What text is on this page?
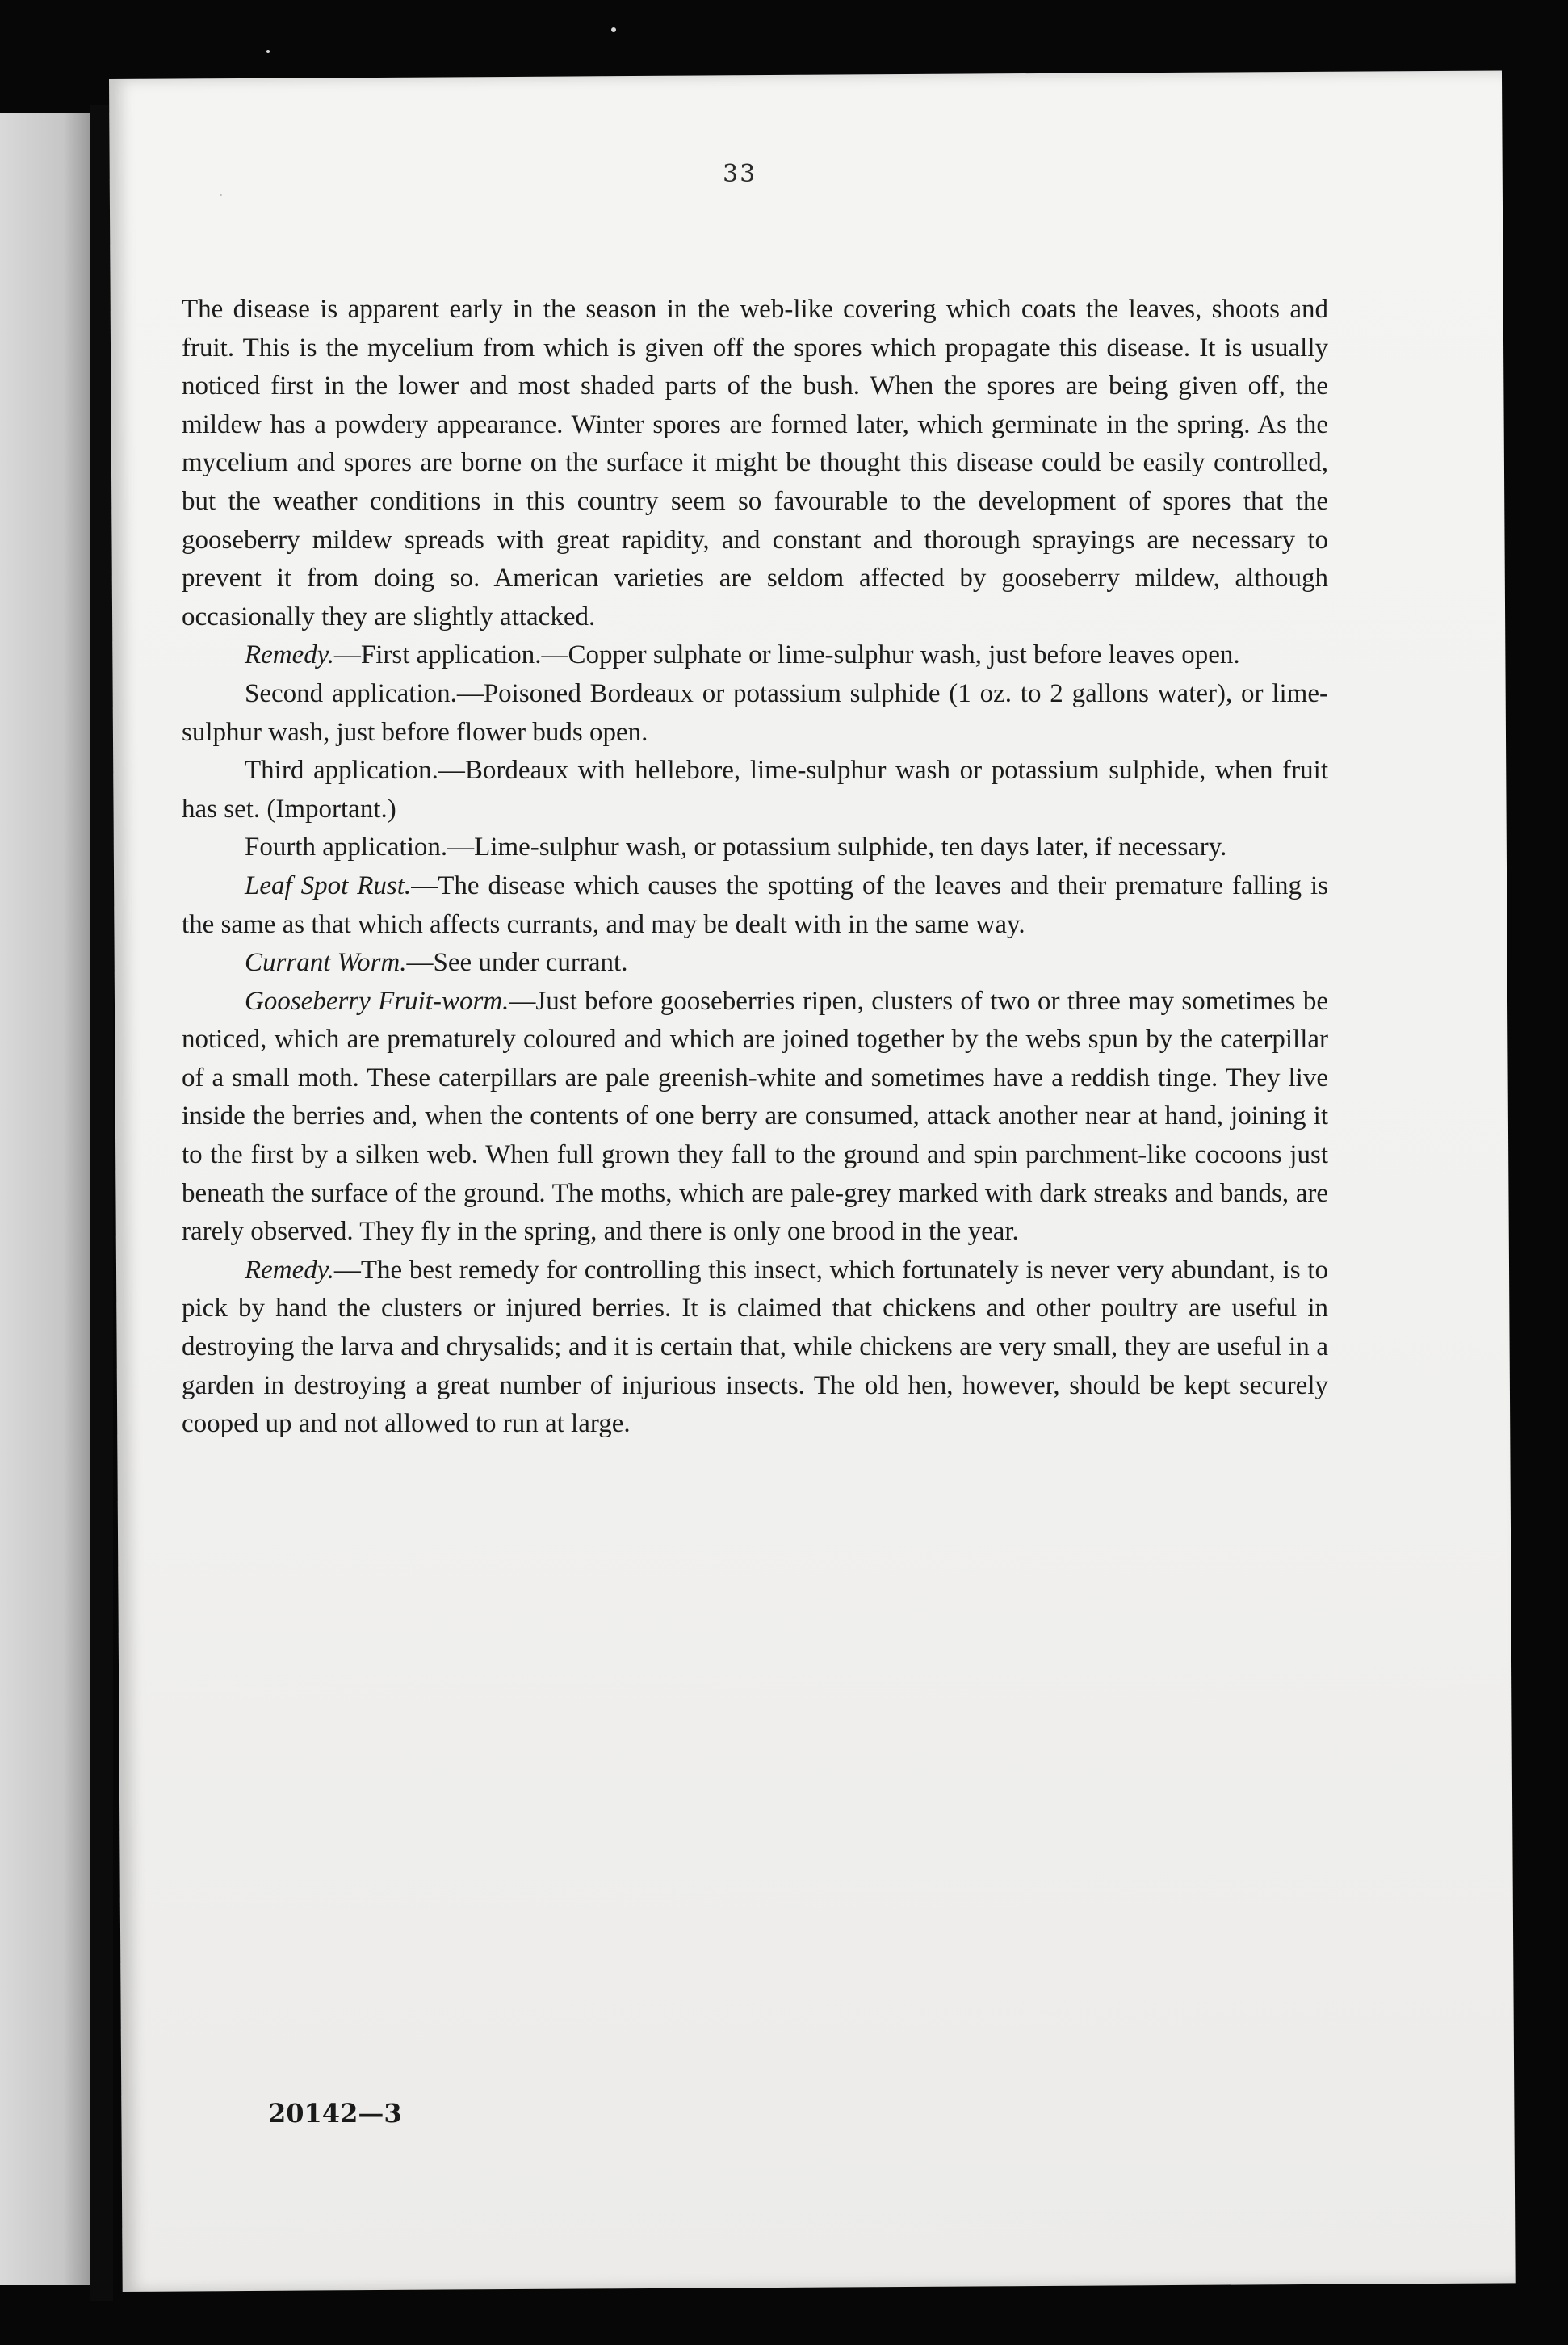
33

The disease is apparent early in the season in the web-like covering which coats the leaves, shoots and fruit. This is the mycelium from which is given off the spores which propagate this disease. It is usually noticed first in the lower and most shaded parts of the bush. When the spores are being given off, the mildew has a powdery appearance. Winter spores are formed later, which germinate in the spring. As the mycelium and spores are borne on the surface it might be thought this disease could be easily controlled, but the weather conditions in this country seem so favourable to the development of spores that the gooseberry mildew spreads with great rapidity, and constant and thorough sprayings are necessary to prevent it from doing so. American varieties are seldom affected by gooseberry mildew, although occasionally they are slightly attacked.

Remedy.—First application.—Copper sulphate or lime-sulphur wash, just before leaves open.

Second application.—Poisoned Bordeaux or potassium sulphide (1 oz. to 2 gallons water), or lime-sulphur wash, just before flower buds open.

Third application.—Bordeaux with hellebore, lime-sulphur wash or potassium sulphide, when fruit has set. (Important.)

Fourth application.—Lime-sulphur wash, or potassium sulphide, ten days later, if necessary.

Leaf Spot Rust.—The disease which causes the spotting of the leaves and their premature falling is the same as that which affects currants, and may be dealt with in the same way.

Currant Worm.—See under currant.

Gooseberry Fruit-worm.—Just before gooseberries ripen, clusters of two or three may sometimes be noticed, which are prematurely coloured and which are joined together by the webs spun by the caterpillar of a small moth. These caterpillars are pale greenish-white and sometimes have a reddish tinge. They live inside the berries and, when the contents of one berry are consumed, attack another near at hand, joining it to the first by a silken web. When full grown they fall to the ground and spin parchment-like cocoons just beneath the surface of the ground. The moths, which are pale-grey marked with dark streaks and bands, are rarely observed. They fly in the spring, and there is only one brood in the year.

Remedy.—The best remedy for controlling this insect, which fortunately is never very abundant, is to pick by hand the clusters or injured berries. It is claimed that chickens and other poultry are useful in destroying the larva and chrysalids; and it is certain that, while chickens are very small, they are useful in a garden in destroying a great number of injurious insects. The old hen, however, should be kept securely cooped up and not allowed to run at large.

20142—3
